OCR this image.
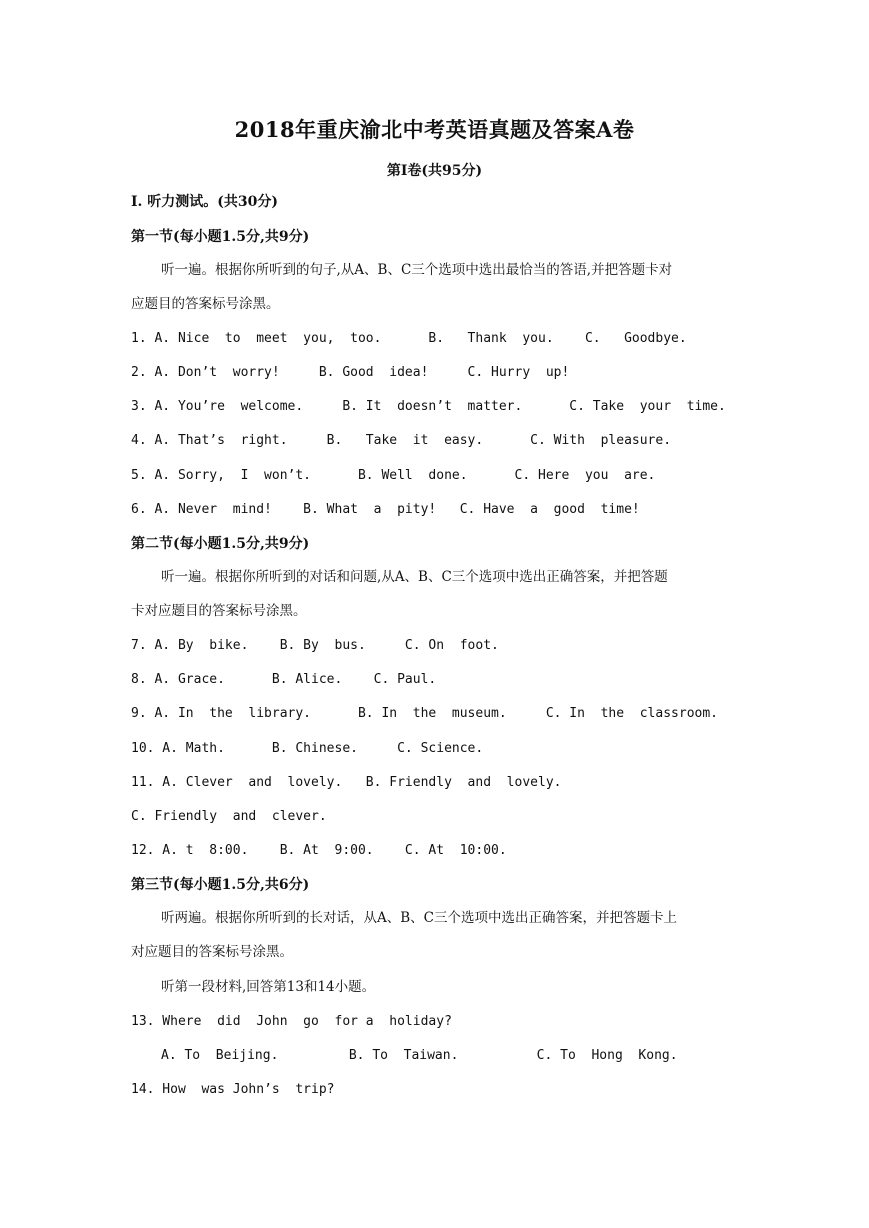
2018年重庆渝北中考英语真题及答案A卷
第Ⅰ卷(共95分)
Ⅰ. 听力测试。(共30分)
第一节(每小题1.5分,共9分)
听一遍。根据你所听到的句子,从A、B、C三个选项中选出最恰当的答语,并把答题卡对
应题目的答案标号涂黑。
1. A. Nice  to  meet  you,  too.      B.   Thank  you.    C.   Goodbye.
2. A. Don’t  worry!     B. Good  idea!     C. Hurry  up!
3. A. You’re  welcome.     B. It  doesn’t  matter.      C. Take  your  time.
4. A. That’s  right.     B.   Take  it  easy.      C. With  pleasure.
5. A. Sorry,  I  won’t.      B. Well  done.      C. Here  you  are.
6. A. Never  mind!    B. What  a  pity!   C. Have  a  good  time!
第二节(每小题1.5分,共9分)
听一遍。根据你所听到的对话和问题,从A、B、C三个选项中选出正确答案，并把答题
卡对应题目的答案标号涂黑。
7. A. By  bike.    B. By  bus.     C. On  foot.
8. A. Grace.      B. Alice.    C. Paul.
9. A. In  the  library.      B. In  the  museum.     C. In  the  classroom.
10. A. Math.      B. Chinese.     C. Science.
11. A. Clever  and  lovely.   B. Friendly  and  lovely.
C. Friendly  and  clever.
12. A. t  8:00.    B. At  9:00.    C. At  10:00.
第三节(每小题1.5分,共6分)
听两遍。根据你所听到的长对话，从A、B、C三个选项中选出正确答案，并把答题卡上
对应题目的答案标号涂黑。
听第一段材料,回答第13和14小题。
13. Where  did  John  go  for a  holiday?
A. To  Beijing.         B. To  Taiwan.          C. To  Hong  Kong.
14. How  was John’s  trip?
